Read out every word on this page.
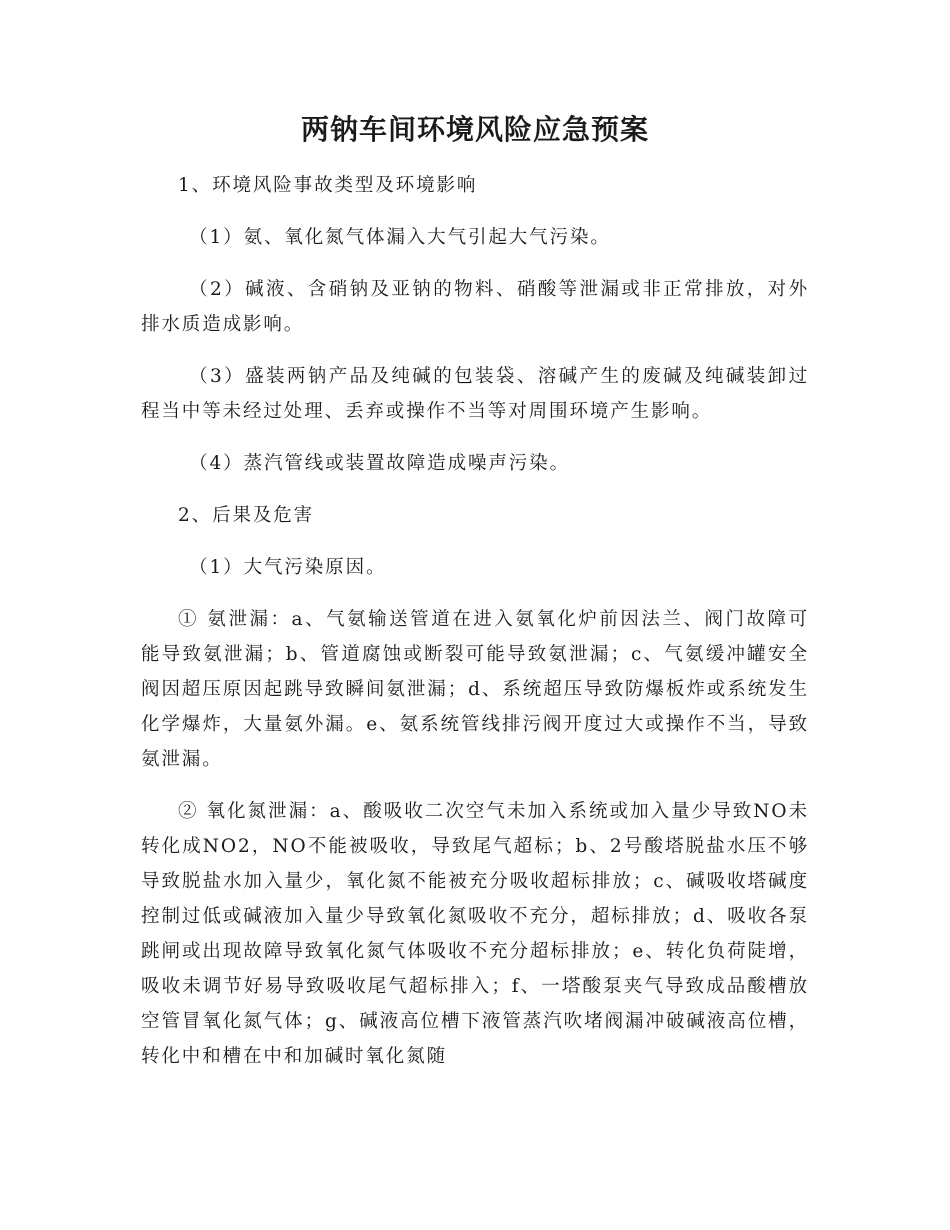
两钠车间环境风险应急预案

1、环境风险事故类型及环境影响

（1）氨、氧化氮气体漏入大气引起大气污染。

（2）碱液、含硝钠及亚钠的物料、硝酸等泄漏或非正常排放，对外排水质造成影响。

（3）盛装两钠产品及纯碱的包装袋、溶碱产生的废碱及纯碱装卸过程当中等未经过处理、丢弃或操作不当等对周围环境产生影响。

（4）蒸汽管线或装置故障造成噪声污染。

2、后果及危害

（1）大气污染原因。

① 氨泄漏：a、气氨输送管道在进入氨氧化炉前因法兰、阀门故障可能导致氨泄漏；b、管道腐蚀或断裂可能导致氨泄漏；c、气氨缓冲罐安全阀因超压原因起跳导致瞬间氨泄漏；d、系统超压导致防爆板炸或系统发生化学爆炸，大量氨外漏。e、氨系统管线排污阀开度过大或操作不当，导致氨泄漏。

② 氧化氮泄漏：a、酸吸收二次空气未加入系统或加入量少导致NO未转化成NO2，NO不能被吸收，导致尾气超标；b、2号酸塔脱盐水压不够导致脱盐水加入量少，氧化氮不能被充分吸收超标排放；c、碱吸收塔碱度控制过低或碱液加入量少导致氧化氮吸收不充分，超标排放；d、吸收各泵跳闸或出现故障导致氧化氮气体吸收不充分超标排放；e、转化负荷陡增，吸收未调节好易导致吸收尾气超标排入；f、一塔酸泵夹气导致成品酸槽放空管冒氧化氮气体；g、碱液高位槽下液管蒸汽吹堵阀漏冲破碱液高位槽，转化中和槽在中和加碱时氧化氮随
